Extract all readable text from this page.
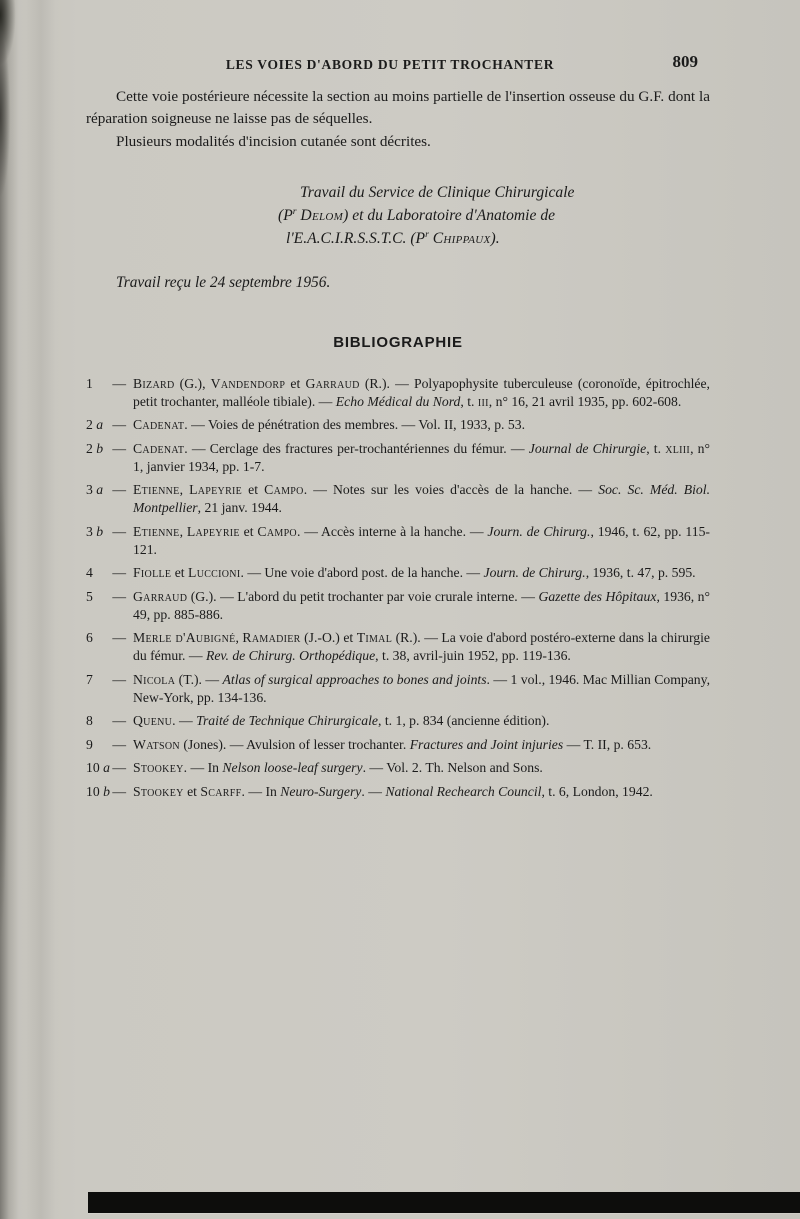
LES VOIES D'ABORD DU PETIT TROCHANTER	809

Cette voie postérieure nécessite la section au moins partielle de l'insertion osseuse du G.F. dont la réparation soigneuse ne laisse pas de séquelles.

Plusieurs modalités d'incision cutanée sont décrites.

Travail du Service de Clinique Chirurgicale
($P^r$ Delom) et du Laboratoire d'Anatomie de
l'E.A.C.I.R.S.S.T.C. ($P^r$ Chippaux).
Travail reçu le 24 septembre 1956.
BIBLIOGRAPHIE
1 — Bizard (G.), Vandendorp et Garraud (R.). — Polyapophysite tuberculeuse (coronoïde, épitrochlée, petit trochanter, malléole tibiale). — Echo Médical du Nord, t. iii, n° 16, 21 avril 1935, pp. 602-608.
2 a — Cadenat. — Voies de pénétration des membres. — Vol. II, 1933, p. 53.
2 b — Cadenat. — Cerclage des fractures per-trochantériennes du fémur. — Journal de Chirurgie, t. xliii, n° 1, janvier 1934, pp. 1-7.
3 a — Etienne, Lapeyrie et Campo. — Notes sur les voies d'accès de la hanche. — Soc. Sc. Méd. Biol. Montpellier, 21 janv. 1944.
3 b — Etienne, Lapeyrie et Campo. — Accès interne à la hanche. — Journ. de Chirurg., 1946, t. 62, pp. 115-121.
4 — Fiolle et Luccioni. — Une voie d'abord post. de la hanche. — Journ. de Chirurg., 1936, t. 47, p. 595.
5 — Garraud (G.). — L'abord du petit trochanter par voie crurale interne. — Gazette des Hôpitaux, 1936, n° 49, pp. 885-886.
6 — Merle d'Aubigné, Ramadier (J.-O.) et Timal (R.). — La voie d'abord postéro-externe dans la chirurgie du fémur. — Rev. de Chirurg. Orthopédique, t. 38, avril-juin 1952, pp. 119-136.
7 — Nicola (T.). — Atlas of surgical approaches to bones and joints. — 1 vol., 1946. Mac Millian Company, New-York, pp. 134-136.
8 — Quenu. — Traité de Technique Chirurgicale, t. 1, p. 834 (ancienne édition).
9 — Watson (Jones). — Avulsion of lesser trochanter. Fractures and Joint injuries — T. II, p. 653.
10 a — Stookey. — In Nelson loose-leaf surgery. — Vol. 2. Th. Nelson and Sons.
10 b — Stookey et Scarff. — In Neuro-Surgery. — National Rechearch Council, t. 6, London, 1942.
